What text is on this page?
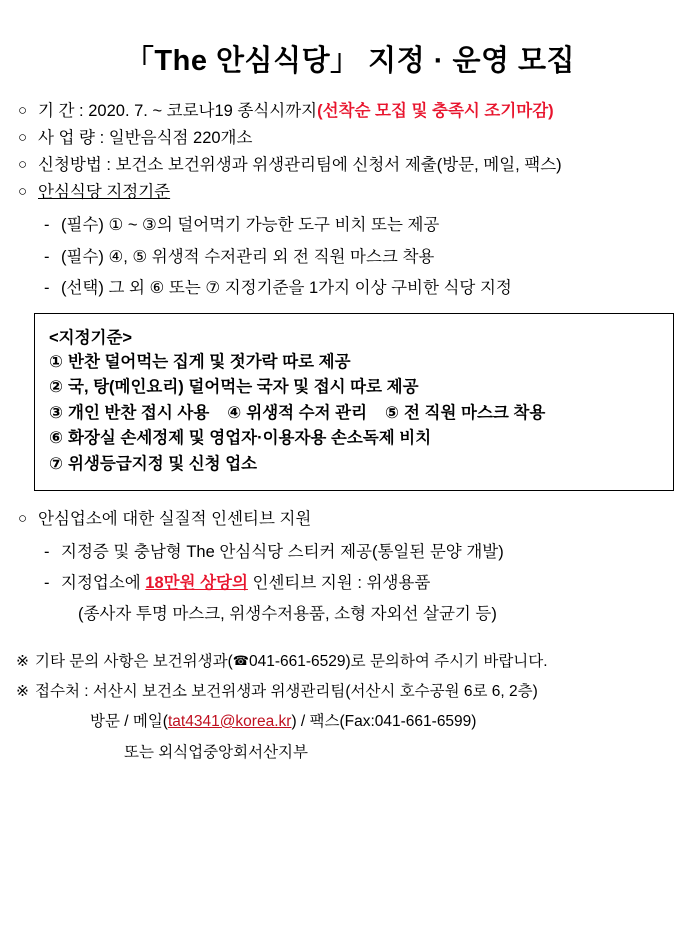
「The 안심식당」 지정 · 운영 모집
○ 기 간 : 2020. 7. ~ 코로나19 종식시까지(선착순 모집 및 충족시 조기마감)
○ 사 업 량 : 일반음식점 220개소
○ 신청방법 : 보건소 보건위생과 위생관리팀에 신청서 제출(방문, 메일, 팩스)
○ 안심식당 지정기준
- (필수) ① ~ ③의 덜어먹기 가능한 도구 비치 또는 제공
- (필수) ④, ⑤ 위생적 수저관리 외 전 직원 마스크 착용
- (선택) 그 외 ⑥ 또는 ⑦ 지정기준을 1가지 이상 구비한 식당 지정
<지정기준>
① 반찬 덜어먹는 집게 및 젓가락 따로 제공
② 국, 탕(메인요리) 덜어먹는 국자 및 접시 따로 제공
③ 개인 반찬 접시 사용 ④ 위생적 수저 관리 ⑤ 전 직원 마스크 착용
⑥ 화장실 손세정제 및 영업자·이용자용 손소독제 비치
⑦ 위생등급지정 및 신청 업소
○ 안심업소에 대한 실질적 인센티브 지원
- 지정증 및 충남형 The 안심식당 스티커 제공(통일된 문양 개발)
- 지정업소에 18만원 상당의 인센티브 지원 : 위생용품
(종사자 투명 마스크, 위생수저용품, 소형 자외선 살균기 등)
※ 기타 문의 사항은 보건위생과(☎041-661-6529)로 문의하여 주시기 바랍니다.
※ 접수처 : 서산시 보건소 보건위생과 위생관리팀(서산시 호수공원 6로 6, 2층)
방문 / 메일(tat4341@korea.kr) / 팩스(Fax:041-661-6599)
또는 외식업중앙회서산지부
